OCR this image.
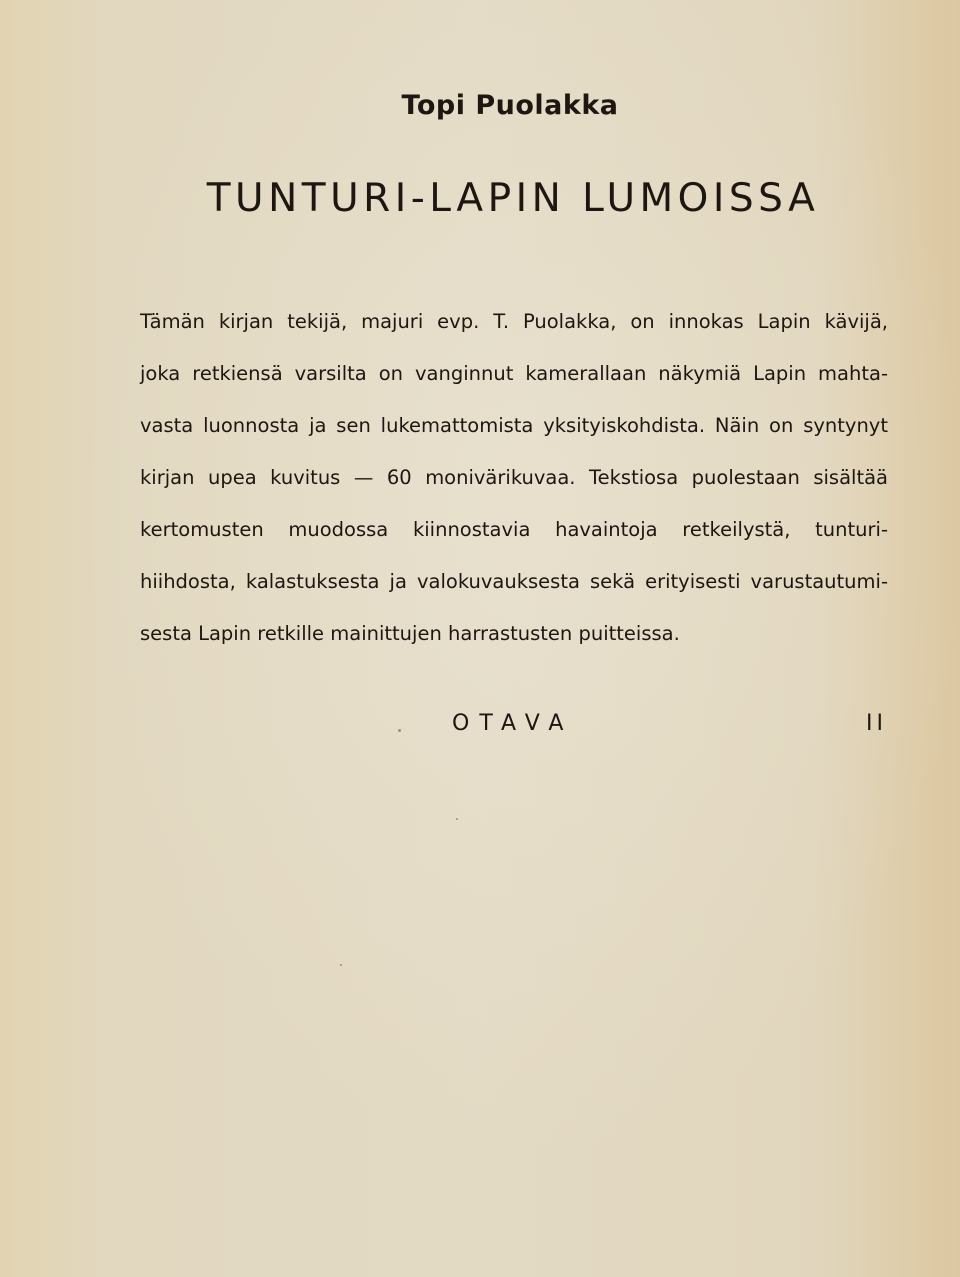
Topi Puolakka
TUNTURI-LAPIN LUMOISSA
Tämän kirjan tekijä, majuri evp. T. Puolakka, on innokas Lapin kävijä,
joka retkiensä varsilta on vanginnut kamerallaan näkymiä Lapin mahta-
vasta luonnosta ja sen lukemattomista yksityiskohdista. Näin on syntynyt
kirjan upea kuvitus — 60 monivärikuvaa. Tekstiosa puolestaan sisältää
kertomusten muodossa kiinnostavia havaintoja retkeilystä, tunturi-
hiihdosta, kalastuksesta ja valokuvauksesta sekä erityisesti varustautumi-
sesta Lapin retkille mainittujen harrastusten puitteissa.
OTAVA	II
